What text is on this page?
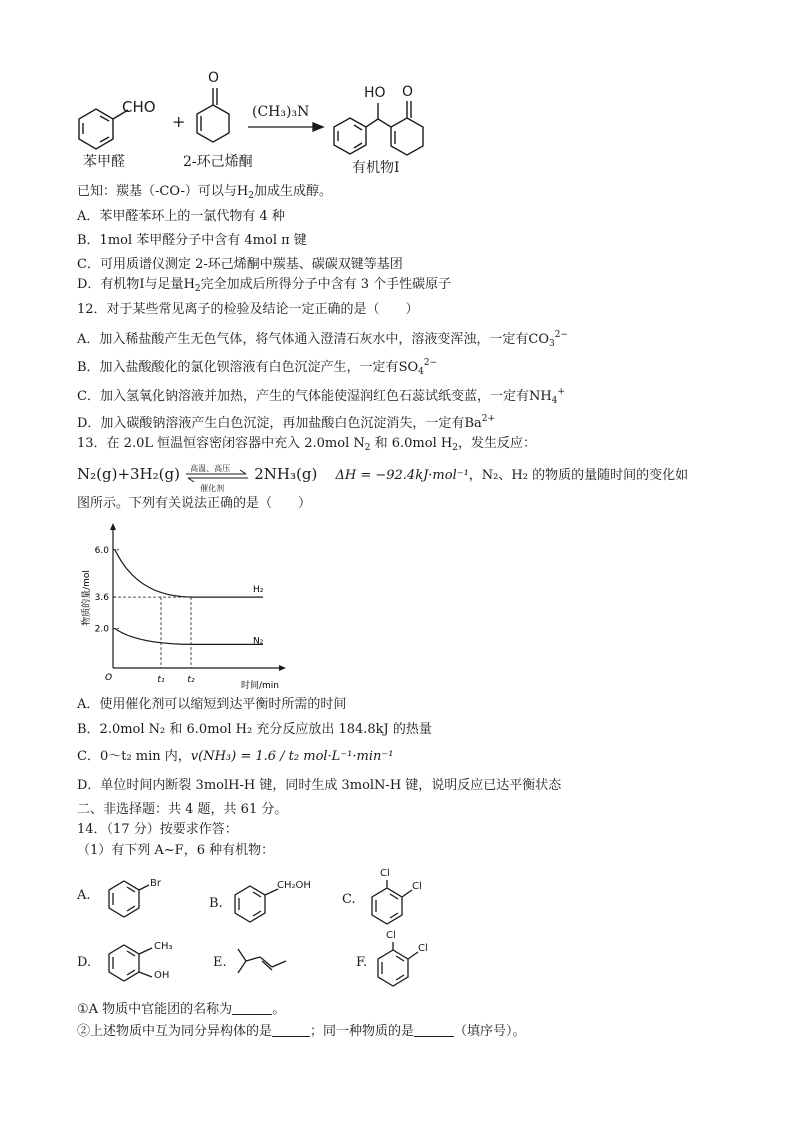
CHO
苯甲醛
+
O
2-环己烯酮
(CH₃)₃N
HO O
有机物Ⅰ
已知：羰基（-CO-）可以与$H_2$加成生成醇。
A．苯甲醛苯环上的一氯代物有 4 种
B．1mol 苯甲醛分子中含有 4mol π 键
C．可用质谱仪测定 2-环己烯酮中羰基、碳碳双键等基团
D．有机物Ⅰ与足量$H_2$完全加成后所得分子中含有 3 个手性碳原子
12．对于某些常见离子的检验及结论一定正确的是（　　）
A．加入稀盐酸产生无色气体，将气体通入澄清石灰水中，溶液变浑浊，一定有$CO_3^{2-}$
B．加入盐酸酸化的氯化钡溶液有白色沉淀产生，一定有$SO_4^{2-}$
C．加入氢氧化钠溶液并加热，产生的气体能使湿润红色石蕊试纸变蓝，一定有$NH_4^+$
D．加入碳酸钠溶液产生白色沉淀，再加盐酸白色沉淀消失，一定有$Ba^{2+}$
13．在 2.0L 恒温恒容密闭容器中充入 2.0mol $N_2$ 和 6.0mol $H_2$，发生反应：
N₂(g)+3H₂(g) 高温、高压
催化剂
2NH₃(g) ΔH = −92.4kJ·mol⁻¹，N₂、H₂ 的物质的量随时间的变化如
图所示。下列有关说法正确的是（　　）
6.0
3.6
2.0
物质的量/mol
O
时间/min
t₁	t₂
H₂
N₂
A．使用催化剂可以缩短到达平衡时所需的时间
B．2.0mol N₂ 和 6.0mol H₂ 充分反应放出 184.8kJ 的热量
C．0～t₂ min 内，v(NH₃) = 1.6 / t₂ mol·L⁻¹·min⁻¹
D．单位时间内断裂 3molH-H 键，同时生成 3molN-H 键，说明反应已达平衡状态
二、非选择题：共 4 题，共 61 分。
14．（17 分）按要求作答：
（1）有下列 A~F，6 种有机物：
A.
Br
B.
CH₂OH
C.
Cl
Cl
D.
CH₃
OH
E.	F.
Cl
Cl
①A 物质中官能团的名称为	。
②上述物质中互为同分异构体的是	；同一种物质的是	（填序号）。
